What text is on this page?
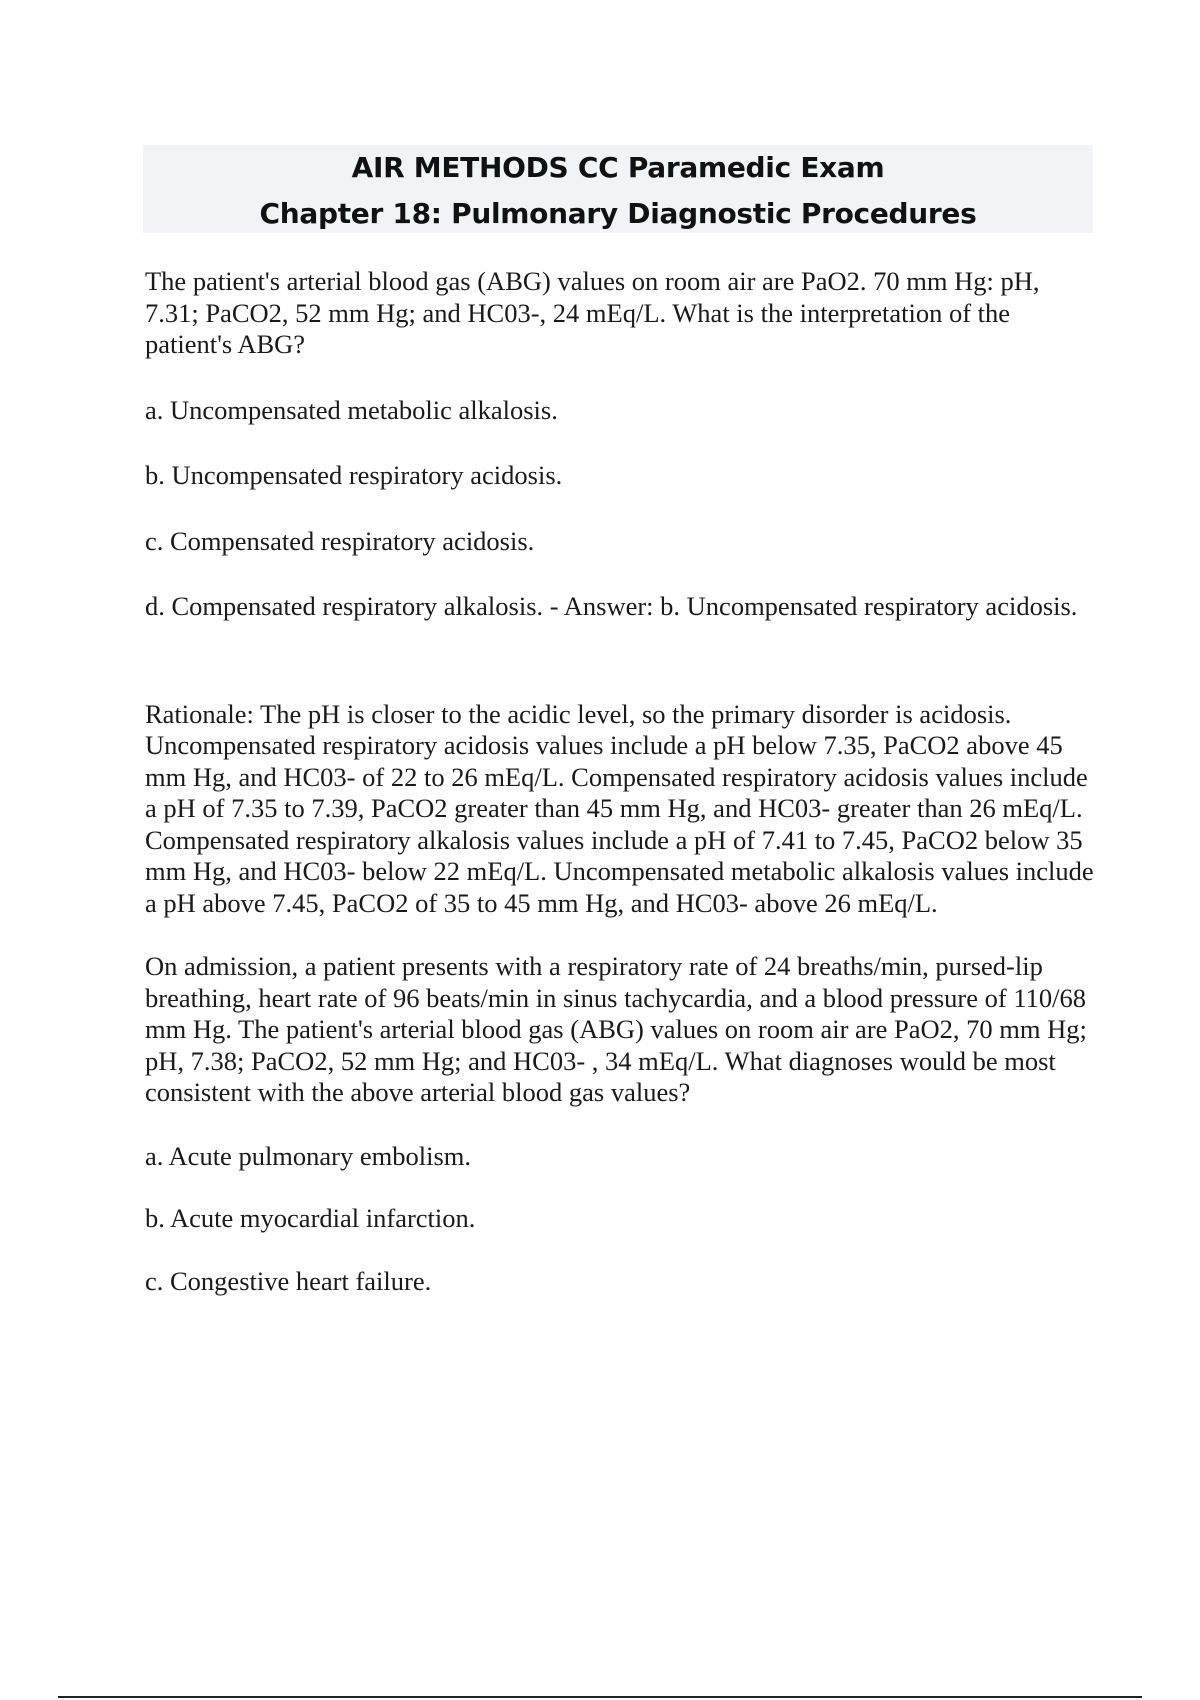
AIR METHODS CC Paramedic Exam
Chapter 18: Pulmonary Diagnostic Procedures

The patient's arterial blood gas (ABG) values on room air are PaO2. 70 mm Hg: pH, 7.31; PaCO2, 52 mm Hg; and HC03-, 24 mEq/L. What is the interpretation of the patient's ABG?

a. Uncompensated metabolic alkalosis.

b. Uncompensated respiratory acidosis.

c. Compensated respiratory acidosis.

d. Compensated respiratory alkalosis. - Answer: b. Uncompensated respiratory acidosis.

Rationale: The pH is closer to the acidic level, so the primary disorder is acidosis. Uncompensated respiratory acidosis values include a pH below 7.35, PaCO2 above 45 mm Hg, and HC03- of 22 to 26 mEq/L. Compensated respiratory acidosis values include a pH of 7.35 to 7.39, PaCO2 greater than 45 mm Hg, and HC03- greater than 26 mEq/L. Compensated respiratory alkalosis values include a pH of 7.41 to 7.45, PaCO2 below 35 mm Hg, and HC03- below 22 mEq/L. Uncompensated metabolic alkalosis values include a pH above 7.45, PaCO2 of 35 to 45 mm Hg, and HC03- above 26 mEq/L.

On admission, a patient presents with a respiratory rate of 24 breaths/min, pursed-lip breathing, heart rate of 96 beats/min in sinus tachycardia, and a blood pressure of 110/68 mm Hg. The patient's arterial blood gas (ABG) values on room air are PaO2, 70 mm Hg; pH, 7.38; PaCO2, 52 mm Hg; and HC03- , 34 mEq/L. What diagnoses would be most consistent with the above arterial blood gas values?

a. Acute pulmonary embolism.

b. Acute myocardial infarction.

c. Congestive heart failure.
